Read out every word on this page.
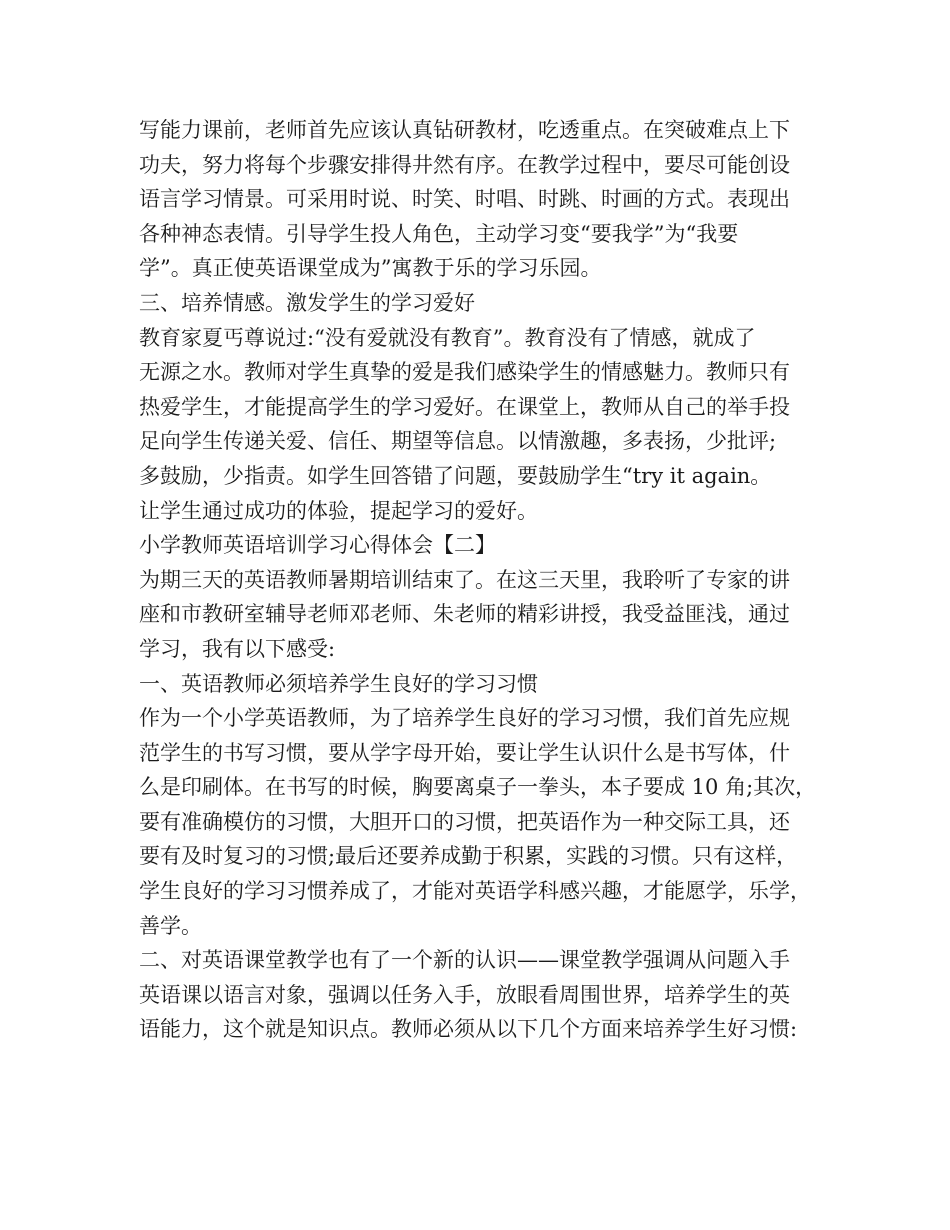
写能力课前，老师首先应该认真钻研教材，吃透重点。在突破难点上下
功夫，努力将每个步骤安排得井然有序。在教学过程中，要尽可能创设
语言学习情景。可采用时说、时笑、时唱、时跳、时画的方式。表现出
各种神态表情。引导学生投人角色，主动学习变“要我学”为“我要
学”。真正使英语课堂成为”寓教于乐的学习乐园。
三、培养情感。激发学生的学习爱好
教育家夏丐尊说过:“没有爱就没有教育”。教育没有了情感，就成了
无源之水。教师对学生真挚的爱是我们感染学生的情感魅力。教师只有
热爱学生，才能提高学生的学习爱好。在课堂上，教师从自己的举手投
足向学生传递关爱、信任、期望等信息。以情激趣，多表扬，少批评;
多鼓励，少指责。如学生回答错了问题，要鼓励学生“try it again。
让学生通过成功的体验，提起学习的爱好。
小学教师英语培训学习心得体会【二】
为期三天的英语教师暑期培训结束了。在这三天里，我聆听了专家的讲
座和市教研室辅导老师邓老师、朱老师的精彩讲授，我受益匪浅，通过
学习，我有以下感受:
一、英语教师必须培养学生良好的学习习惯
作为一个小学英语教师，为了培养学生良好的学习习惯，我们首先应规
范学生的书写习惯，要从学字母开始，要让学生认识什么是书写体，什
么是印刷体。在书写的时候，胸要离桌子一拳头，本子要成 10 角;其次，
要有准确模仿的习惯，大胆开口的习惯，把英语作为一种交际工具，还
要有及时复习的习惯;最后还要养成勤于积累，实践的习惯。只有这样，
学生良好的学习习惯养成了，才能对英语学科感兴趣，才能愿学，乐学，
善学。
二、对英语课堂教学也有了一个新的认识——课堂教学强调从问题入手
英语课以语言对象，强调以任务入手，放眼看周围世界，培养学生的英
语能力，这个就是知识点。教师必须从以下几个方面来培养学生好习惯:
